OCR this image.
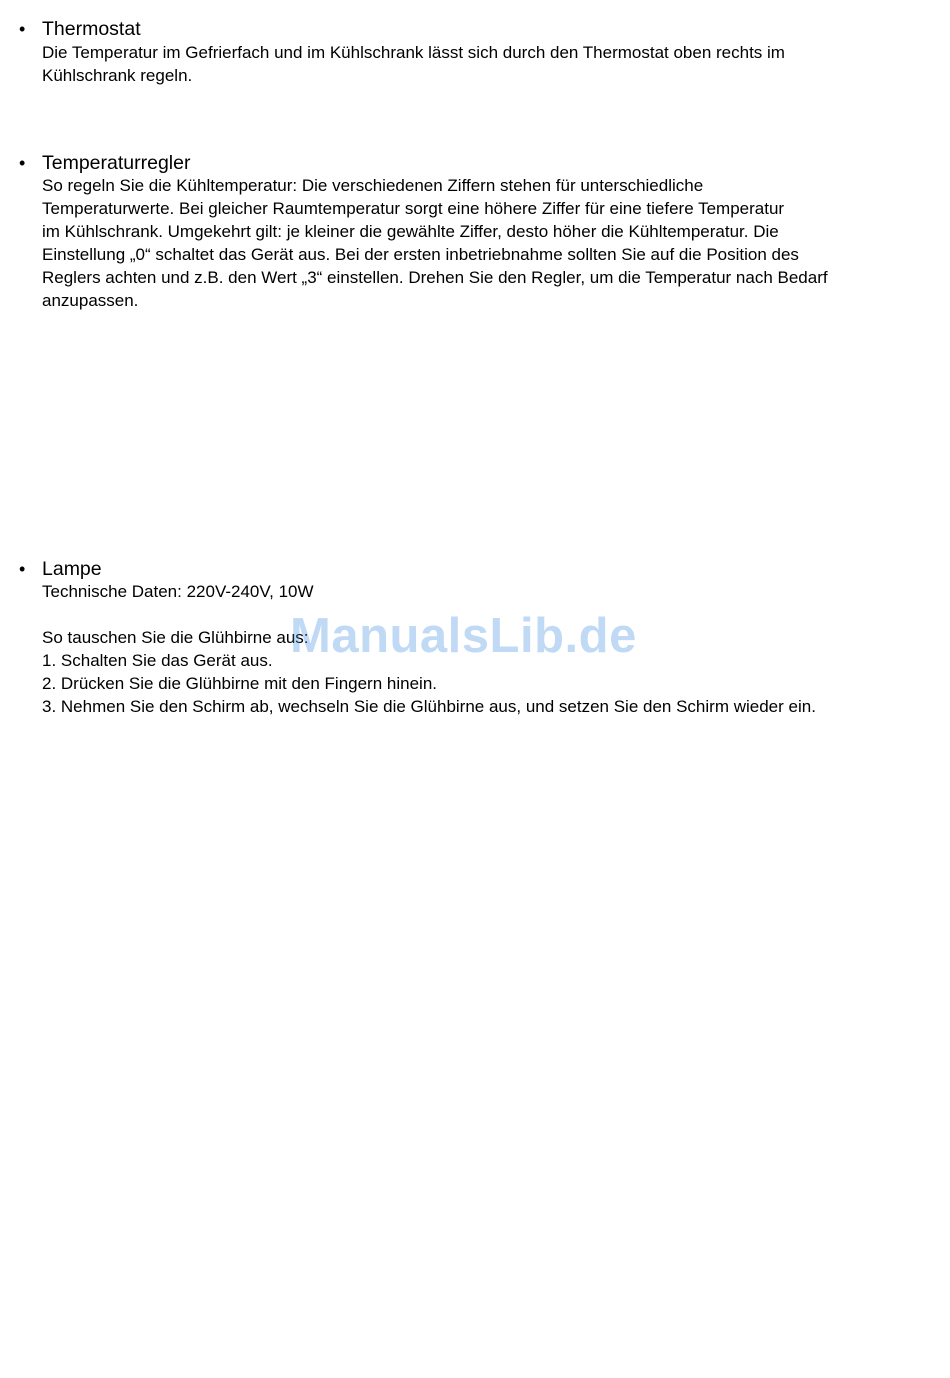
• Thermostat
Die Temperatur im Gefrierfach und im Kühlschrank lässt sich durch den Thermostat oben rechts im
Kühlschrank regeln.
• Temperaturregler
So regeln Sie die Kühltemperatur: Die verschiedenen Ziffern stehen für unterschiedliche
Temperaturwerte. Bei gleicher Raumtemperatur sorgt eine höhere Ziffer für eine tiefere Temperatur
im Kühlschrank. Umgekehrt gilt: je kleiner die gewählte Ziffer, desto höher die Kühltemperatur. Die
Einstellung „0“ schaltet das Gerät aus. Bei der ersten inbetriebnahme sollten Sie auf die Position des
Reglers achten und z.B. den Wert „3“ einstellen. Drehen Sie den Regler, um die Temperatur nach Bedarf
anzupassen.
• Lampe
Technische Daten: 220V-240V, 10W
So tauschen Sie die Glühbirne aus:
1. Schalten Sie das Gerät aus.
2. Drücken Sie die Glühbirne mit den Fingern hinein.
3. Nehmen Sie den Schirm ab, wechseln Sie die Glühbirne aus, und setzen Sie den Schirm wieder ein.
ManualsLib.de
